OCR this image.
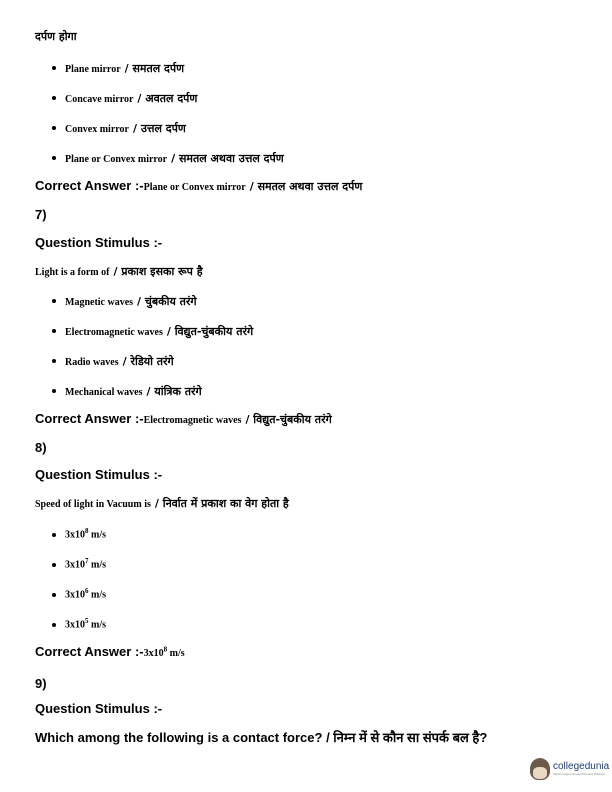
दर्पण होगा
Plane mirror / समतल दर्पण
Concave mirror / अवतल दर्पण
Convex mirror / उत्तल दर्पण
Plane or Convex mirror / समतल अथवा उत्तल दर्पण
Correct Answer :-Plane or Convex mirror / समतल अथवा उत्तल दर्पण
7)
Question Stimulus :-
Light is a form of / प्रकाश इसका रूप है
Magnetic waves / चुंबकीय तरंगे
Electromagnetic waves / विद्युत-चुंबकीय तरंगे
Radio waves / रेडियो तरंगे
Mechanical waves / यांत्रिक तरंगे
Correct Answer :-Electromagnetic waves / विद्युत-चुंबकीय तरंगे
8)
Question Stimulus :-
Speed of light in Vacuum is / निर्वात में प्रकाश का वेग होता है
$3x10^8$ m/s
$3x10^7$ m/s
$3x10^6$ m/s
$3x10^5$ m/s
Correct Answer $:-3x10^8$ m/s
9)
Question Stimulus :-
Which among the following is a contact force? / निम्न में से कौन सा संपर्क बल है?
collegedunia
India's largest Student Review Platform
